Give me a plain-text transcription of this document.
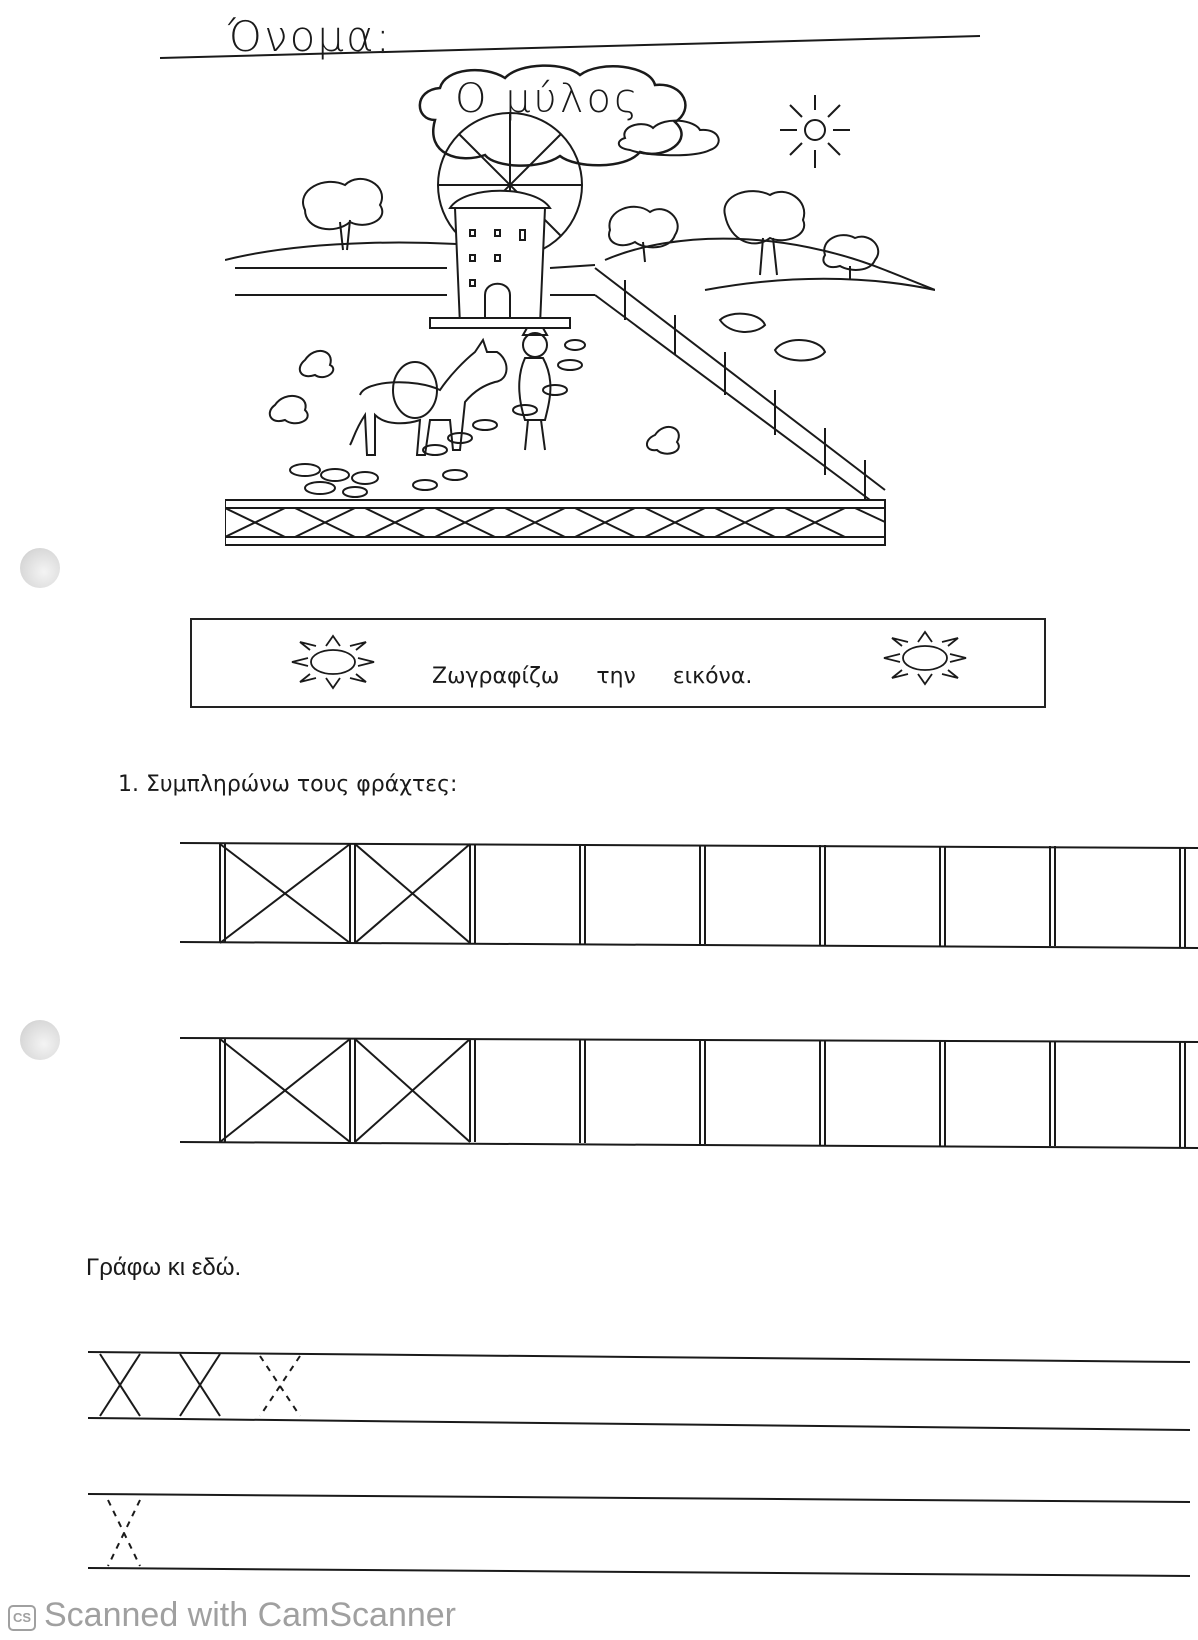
Όνομα:
Ο μύλος
Ζωγραφίζω την εικόνα.
1. Συμπληρώνω τους φράχτες:
Γράφω κι εδώ.
CS Scanned with CamScanner
